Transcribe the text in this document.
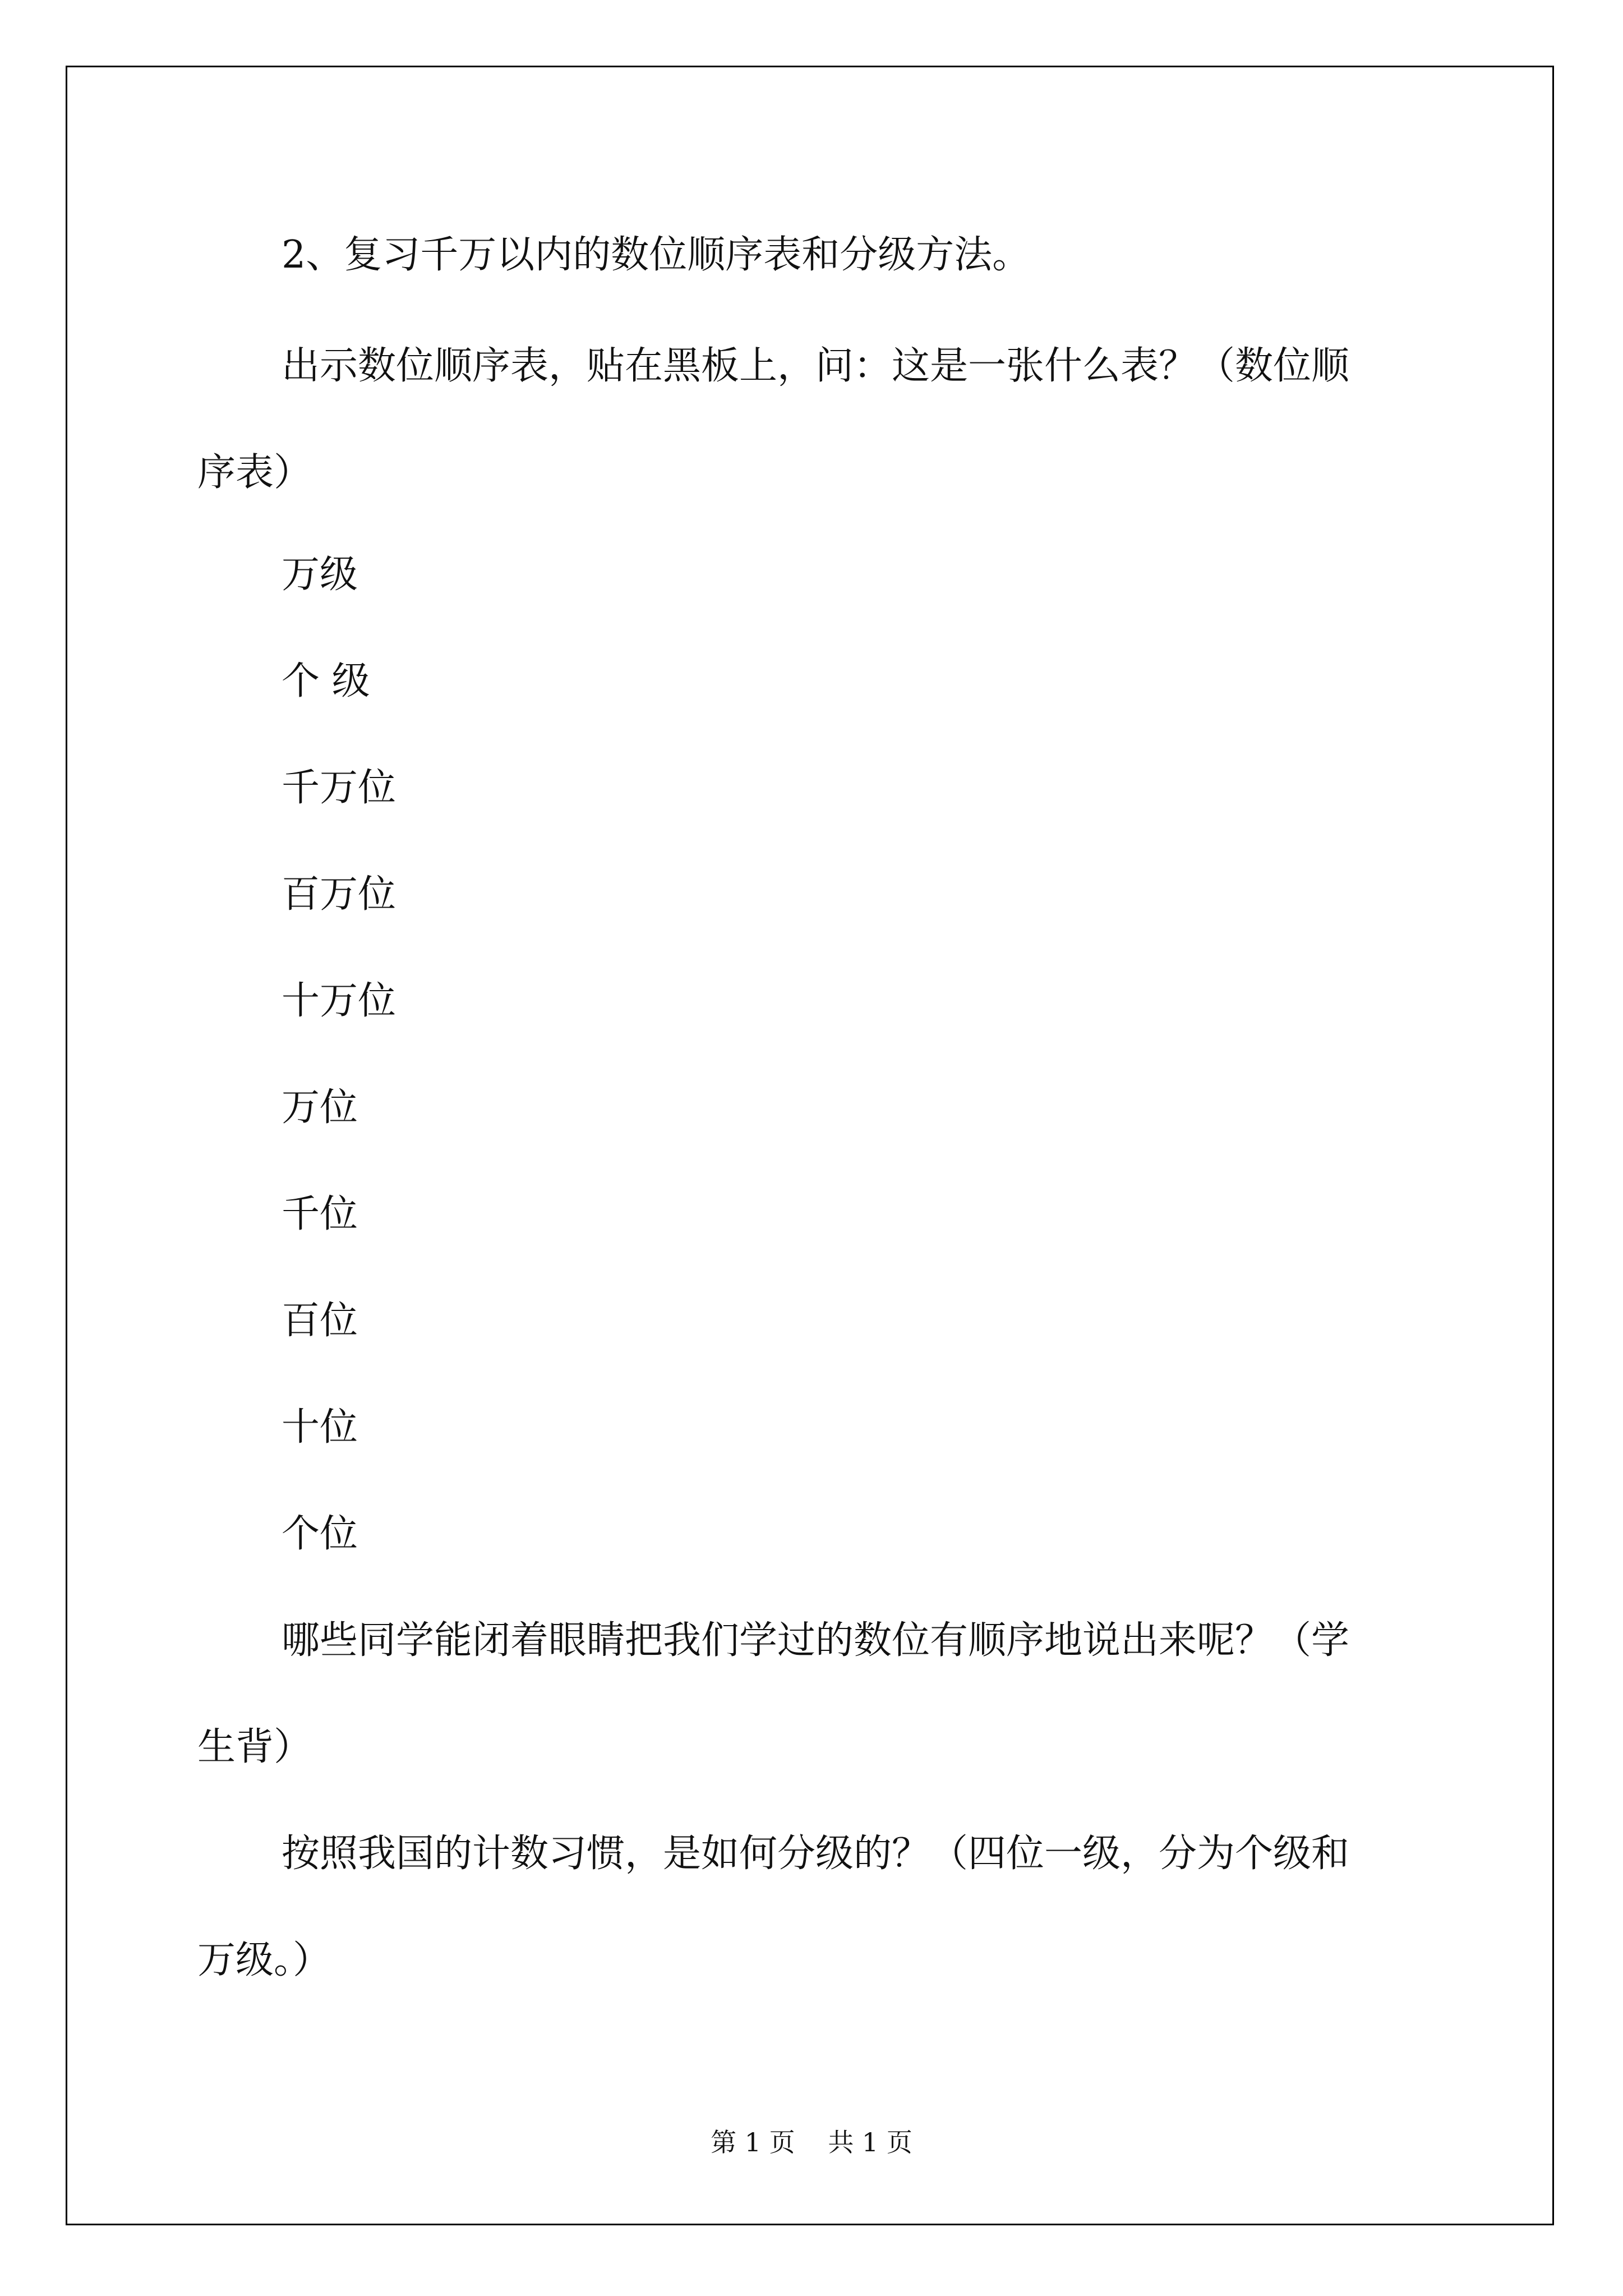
2、复习千万以内的数位顺序表和分级方法。
出示数位顺序表，贴在黑板上，问：这是一张什么表？（数位顺
序表）
万级
个 级
千万位
百万位
十万位
万位
千位
百位
十位
个位
哪些同学能闭着眼睛把我们学过的数位有顺序地说出来呢？（学
生背）
按照我国的计数习惯，是如何分级的？（四位一级，分为个级和
万级。）
第 1 页 共 1 页
